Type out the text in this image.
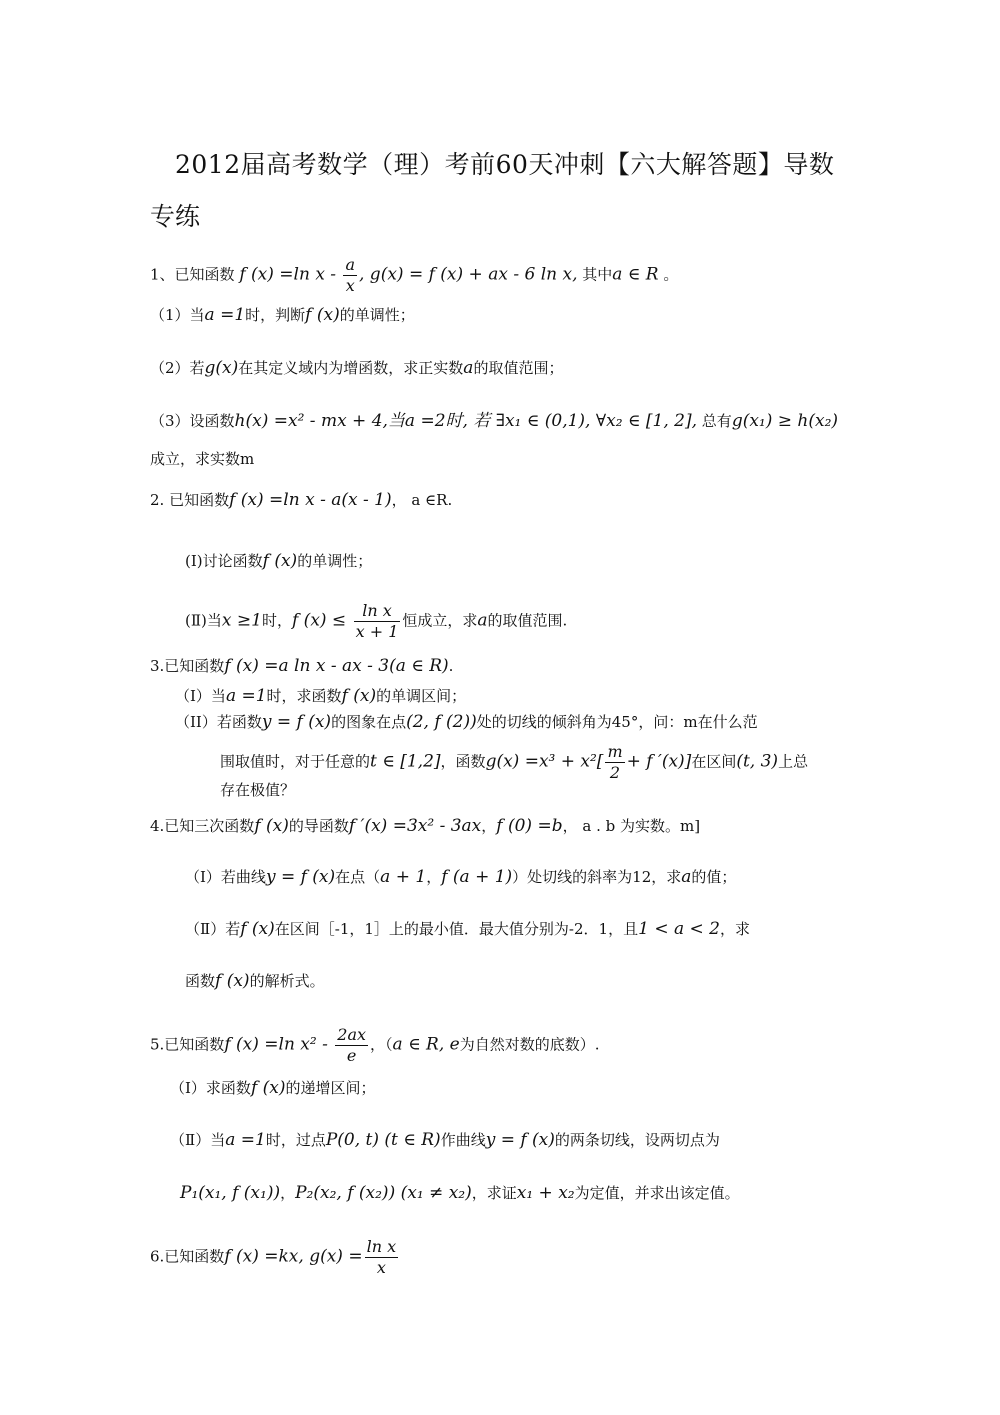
2012届高考数学（理）考前60天冲刺【六大解答题】导数
专练
1、已知函数 f (x) =ln x - $\frac{a}{x}$ , g(x) = f (x) + ax - 6 ln x, 其中a ∈ R 。
（1）当a =1时，判断f (x)的单调性；
（2）若g(x)在其定义域内为增函数，求正实数a的取值范围；
（3）设函数h(x) =x² - mx + 4,当a =2时, 若 ∃x₁ ∈ (0,1), ∀x₂ ∈ [1, 2], 总有g(x₁) ≥ h(x₂)
成立，求实数m
2. 已知函数f (x) =ln x - a(x - 1)， a ∈R.
(I)讨论函数f (x)的单调性；
(Ⅱ)当x ≥1时，f $(x) \le \frac{\text{ln x}}{x + 1}$ 恒成立，求a的取值范围.
3.已知函数f (x) =a ln x - ax - 3(a ∈ R).
（I）当a =1时，求函数f (x)的单调区间；
（II）若函数y = f (x)的图象在点(2, f (2))处的切线的倾斜角为45°，问：m在什么范
围取值时，对于任意的t ∈ [1,2]，函数$g(x) =x^3 + x^2[ \frac{m}{2} + f$ ′(x)]在区间(t, 3)上总
存在极值？
4.已知三次函数f (x)的导函数f ′(x) =3x² - 3ax，f (0) =b， a . b 为实数。m]
（Ⅰ）若曲线y = f (x)在点（a + 1，f (a + 1)）处切线的斜率为12，求a的值；
（Ⅱ）若f (x)在区间［-1，1］上的最小值．最大值分别为-2．1，且1 < a < 2，求
函数f (x)的解析式。
5.已知函数f (x) =ln $x^2 - \frac{2ax}{e}$ ，（a ∈ R, e为自然对数的底数）.
（Ⅰ）求函数f (x)的递增区间；
（Ⅱ）当a =1时，过点P(0, t) (t ∈ R)作曲线y = f (x)的两条切线，设两切点为
P₁(x₁, f (x₁))，P₂(x₂, f (x₂)) (x₁ ≠ x₂)，求证x₁ + x₂为定值，并求出该定值。
6.已知函数f (x) =kx, $g(x) = \frac{\text{ln x}}{x}$
